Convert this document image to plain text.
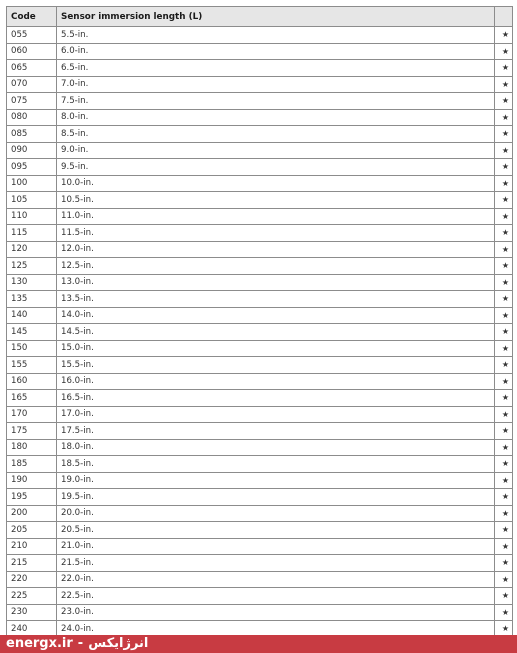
Code	Sensor immersion length (L)	
055	5.5-in.	★
060	6.0-in.	★
065	6.5-in.	★
070	7.0-in.	★
075	7.5-in.	★
080	8.0-in.	★
085	8.5-in.	★
090	9.0-in.	★
095	9.5-in.	★
100	10.0-in.	★
105	10.5-in.	★
110	11.0-in.	★
115	11.5-in.	★
120	12.0-in.	★
125	12.5-in.	★
130	13.0-in.	★
135	13.5-in.	★
140	14.0-in.	★
145	14.5-in.	★
150	15.0-in.	★
155	15.5-in.	★
160	16.0-in.	★
165	16.5-in.	★
170	17.0-in.	★
175	17.5-in.	★
180	18.0-in.	★
185	18.5-in.	★
190	19.0-in.	★
195	19.5-in.	★
200	20.0-in.	★
205	20.5-in.	★
210	21.0-in.	★
215	21.5-in.	★
220	22.0-in.	★
225	22.5-in.	★
230	23.0-in.	★
240	24.0-in.	★
energx.ir - انرژایکس
